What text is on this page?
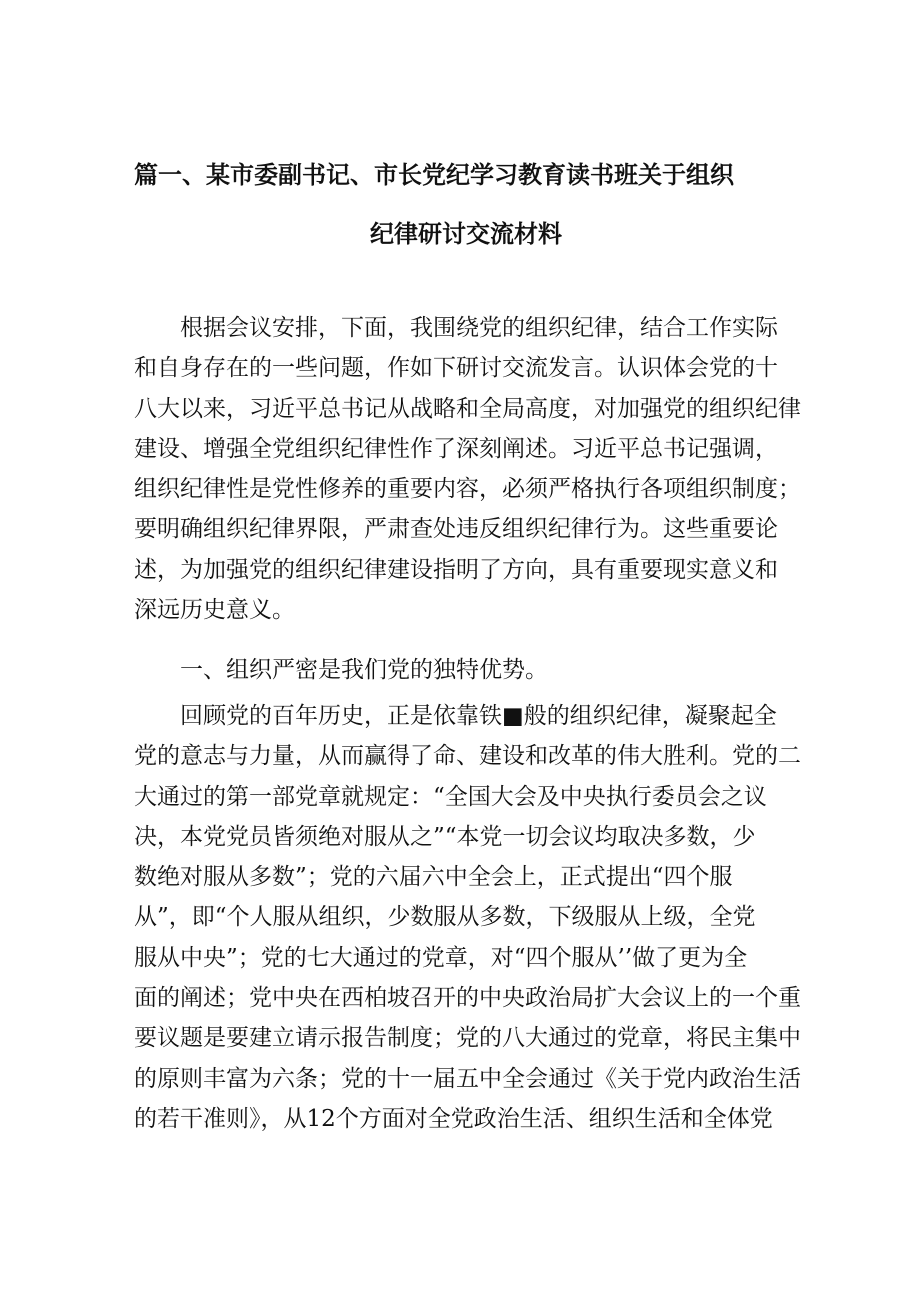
篇一、某市委副书记、市长党纪学习教育读书班关于组织
纪律研讨交流材料
根据会议安排，下面，我围绕党的组织纪律，结合工作实际
和自身存在的一些问题，作如下研讨交流发言。认识体会党的十
八大以来，习近平总书记从战略和全局高度，对加强党的组织纪律
建设、增强全党组织纪律性作了深刻阐述。习近平总书记强调，
组织纪律性是党性修养的重要内容，必须严格执行各项组织制度；
要明确组织纪律界限，严肃查处违反组织纪律行为。这些重要论
述，为加强党的组织纪律建设指明了方向，具有重要现实意义和
深远历史意义。
一、组织严密是我们党的独特优势。
回顾党的百年历史，正是依靠铁■般的组织纪律，凝聚起全
党的意志与力量，从而赢得了命、建设和改革的伟大胜利。党的二
大通过的第一部党章就规定：“全国大会及中央执行委员会之议
决，本党党员皆须绝对服从之”“本党一切会议均取决多数，少
数绝对服从多数”；党的六届六中全会上，正式提出“四个服
从”，即“个人服从组织，少数服从多数，下级服从上级，全党
服从中央”；党的七大通过的党章，对“四个服从’’做了更为全
面的阐述；党中央在西柏坡召开的中央政治局扩大会议上的一个重
要议题是要建立请示报告制度；党的八大通过的党章，将民主集中
的原则丰富为六条；党的十一届五中全会通过《关于党内政治生活
的若干准则》，从12个方面对全党政治生活、组织生活和全体党
